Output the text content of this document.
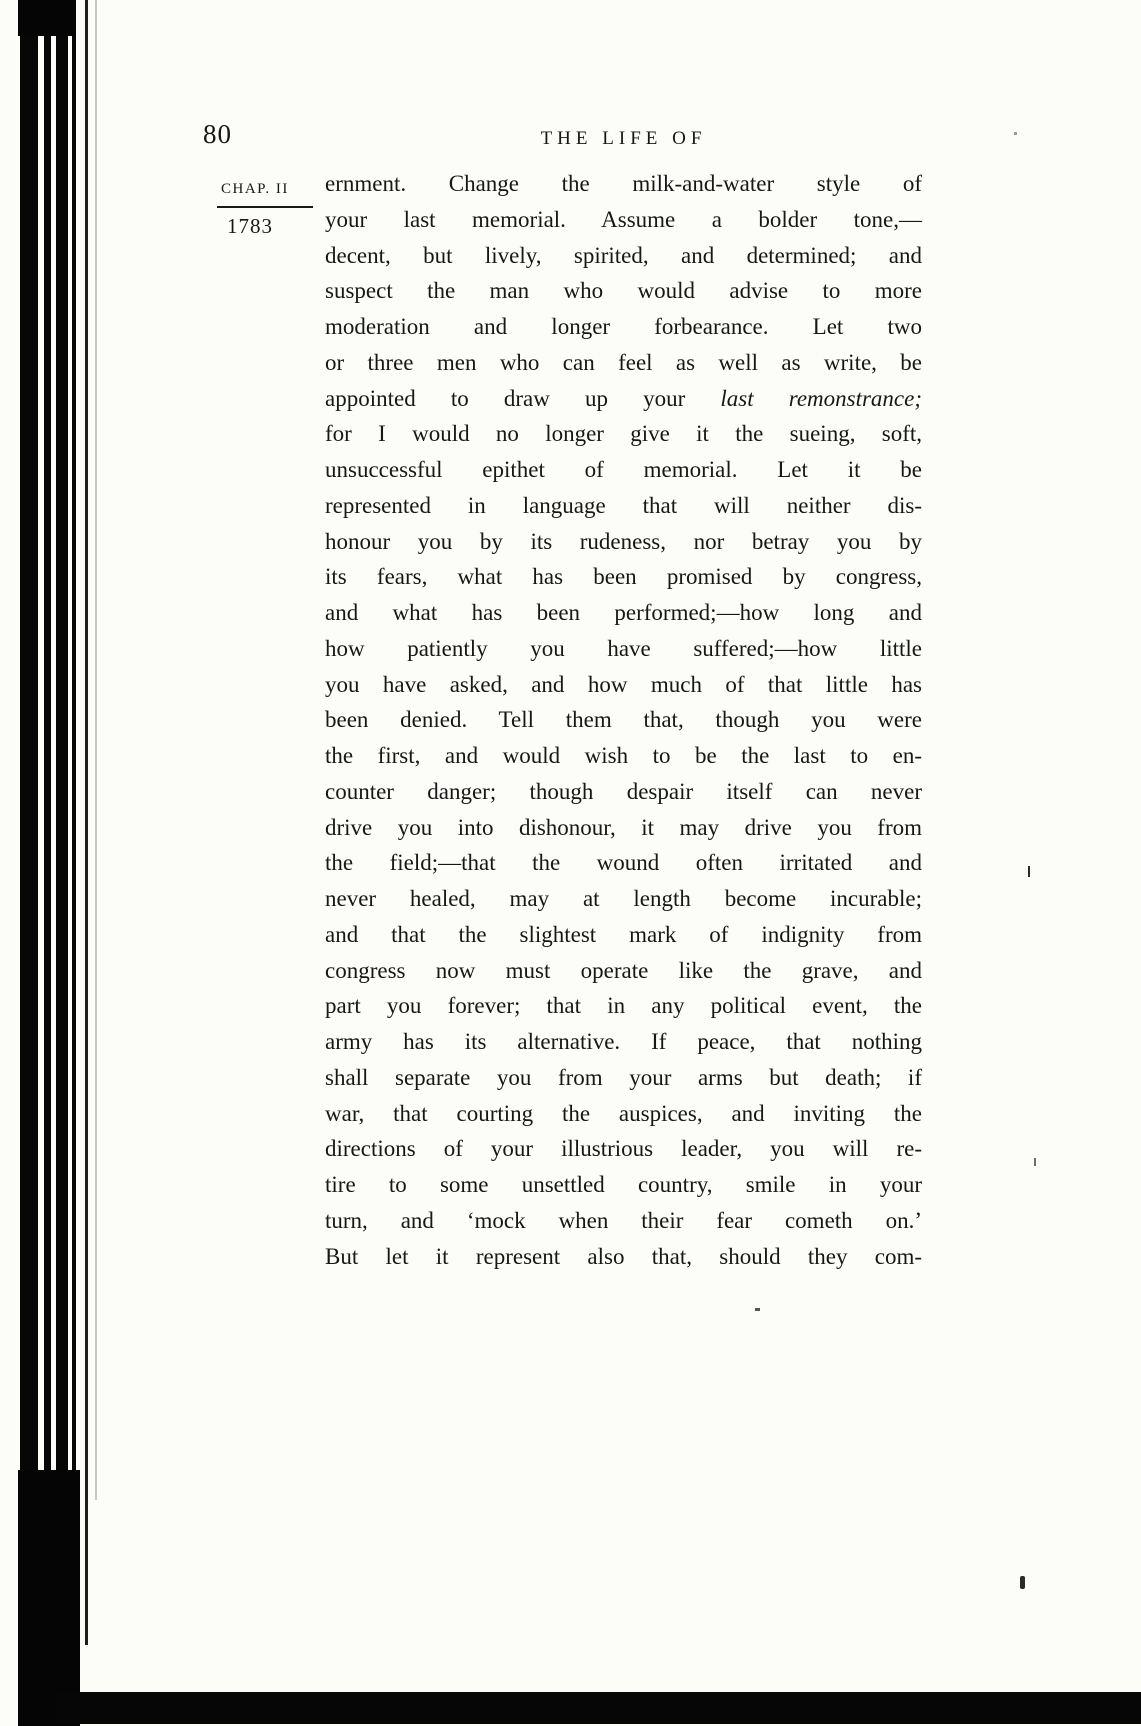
80	THE LIFE OF
CHAP. II
1783
ernment. Change the milk-and-water style of
your last memorial. Assume a bolder tone,—
decent, but lively, spirited, and determined; and
suspect the man who would advise to more
moderation and longer forbearance. Let two
or three men who can feel as well as write, be
appointed to draw up your last remonstrance;
for I would no longer give it the sueing, soft,
unsuccessful epithet of memorial. Let it be
represented in language that will neither dis-
honour you by its rudeness, nor betray you by
its fears, what has been promised by congress,
and what has been performed;—how long and
how patiently you have suffered;—how little
you have asked, and how much of that little has
been denied. Tell them that, though you were
the first, and would wish to be the last to en-
counter danger; though despair itself can never
drive you into dishonour, it may drive you from
the field;—that the wound often irritated and
never healed, may at length become incurable;
and that the slightest mark of indignity from
congress now must operate like the grave, and
part you forever; that in any political event, the
army has its alternative. If peace, that nothing
shall separate you from your arms but death; if
war, that courting the auspices, and inviting the
directions of your illustrious leader, you will re-
tire to some unsettled country, smile in your
turn, and ‘mock when their fear cometh on.’
But let it represent also that, should they com-
